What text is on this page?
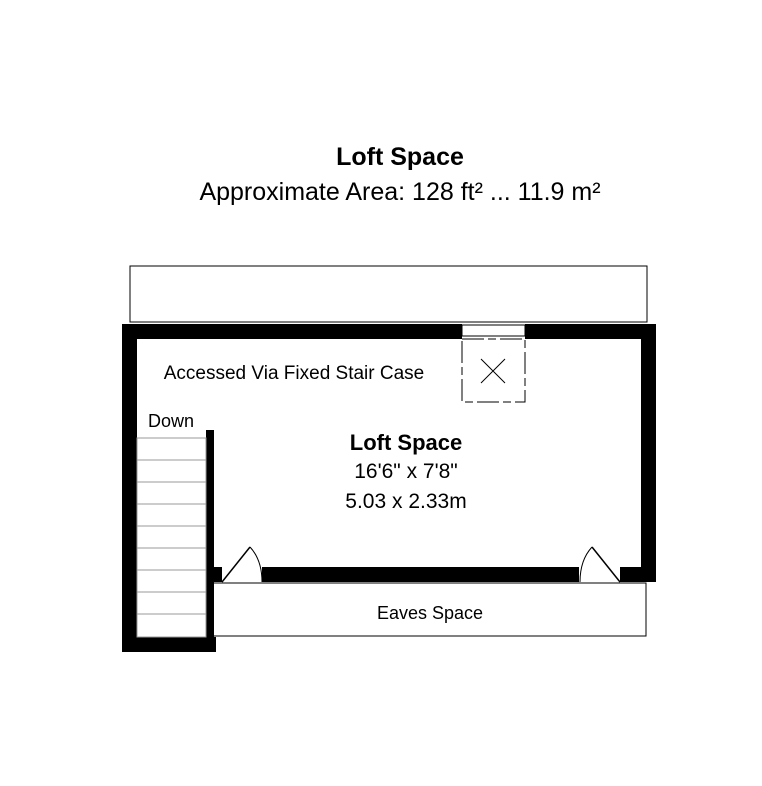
Loft Space
Approximate Area: 128 ft² ... 11.9 m²
Accessed Via Fixed Stair Case
Down
Loft Space
16'6" x 7'8"
5.03 x 2.33m
Eaves Space
